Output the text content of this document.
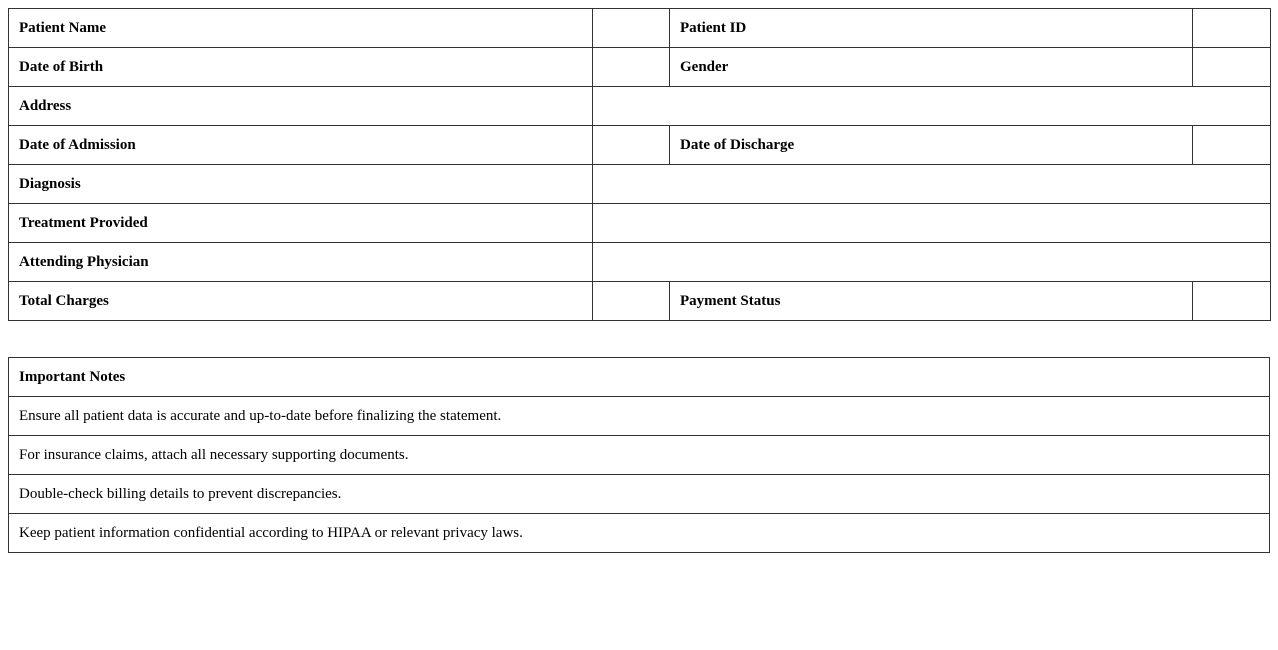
Patient Name		Patient ID	
Date of Birth		Gender	
Address			
Date of Admission		Date of Discharge	
Diagnosis			
Treatment Provided			
Attending Physician			
Total Charges		Payment Status	
Important Notes
Ensure all patient data is accurate and up-to-date before finalizing the statement.
For insurance claims, attach all necessary supporting documents.
Double-check billing details to prevent discrepancies.
Keep patient information confidential according to HIPAA or relevant privacy laws.
